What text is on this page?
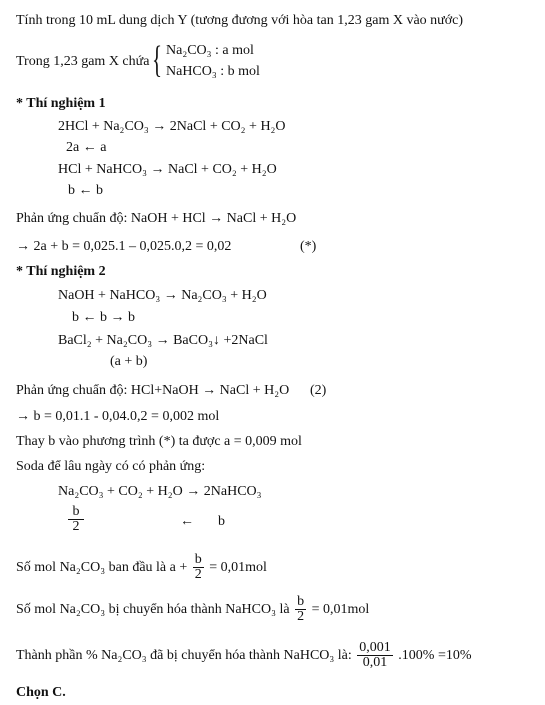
Tính trong 10 mL dung dịch Y (tương đương với hòa tan 1,23 gam X vào nước)
Trong 1,23 gam X chứa { Na₂CO₃ : a mol
NaHCO₃ : b mol
* Thí nghiệm 1
2HCl + Na₂CO₃ → 2NaCl + CO₂ + H₂O
2a ← a
HCl + NaHCO₃ → NaCl + CO₂ + H₂O
b ← b
Phản ứng chuẩn độ: NaOH + HCl → NaCl + H₂O
→ 2a + b = 0,025.1 – 0,025.0,2 = 0,02	(*)
* Thí nghiệm 2
NaOH + NaHCO₃ → Na₂CO₃ + H₂O
b ← b → b
BaCl₂ + Na₂CO₃ → BaCO₃↓ +2NaCl
(a + b)
Phản ứng chuẩn độ: HCl+NaOH → NaCl + H₂O (2)
→ b = 0,01.1 - 0,04.0,2 = 0,002 mol
Thay b vào phương trình (*) ta được a = 0,009 mol
Soda để lâu ngày có có phản ứng:
Na₂CO₃ + CO₂ + H₂O → 2NaHCO₃
$\frac{b}{2}$	← b
Số mol Na₂CO₃ ban đầu là $a + \frac{b}{2} = 0,01mol$
Số mol Na₂CO₃ bị chuyển hóa thành NaHCO₃ là $\frac{b}{2} = 0,01mol$
Thành phần % Na₂CO₃ đã bị chuyển hóa thành NaHCO₃ là: $\frac{0,001}{0,01} .100\% =10\%$
Chọn C.
